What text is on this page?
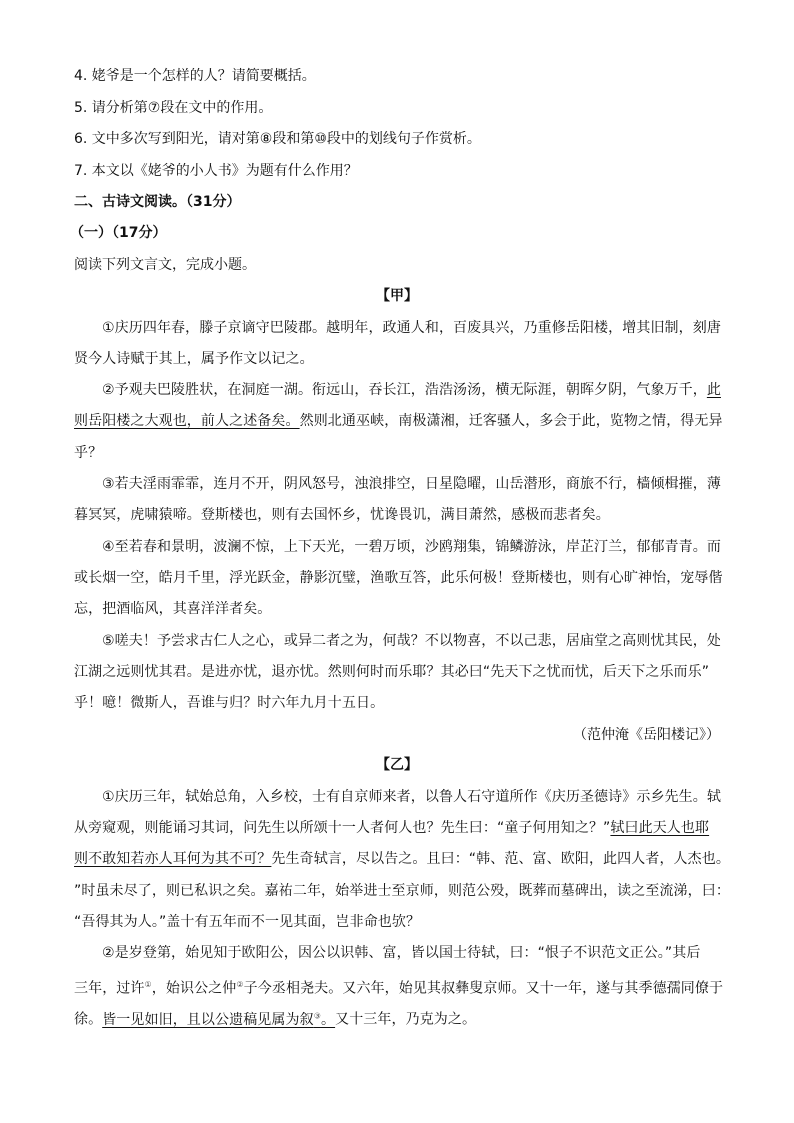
4. 姥爷是一个怎样的人？请简要概括。
5. 请分析第⑦段在文中的作用。
6. 文中多次写到阳光，请对第⑧段和第⑩段中的划线句子作赏析。
7. 本文以《姥爷的小人书》为题有什么作用？
二、古诗文阅读。（31分）
（一）（17分）
阅读下列文言文，完成小题。
【甲】
①庆历四年春，滕子京谪守巴陵郡。越明年，政通人和，百废具兴，乃重修岳阳楼，增其旧制，刻唐
贤今人诗赋于其上，属予作文以记之。
②予观夫巴陵胜状，在洞庭一湖。衔远山，吞长江，浩浩汤汤，横无际涯，朝晖夕阴，气象万千，此
则岳阳楼之大观也，前人之述备矣。然则北通巫峡，南极潇湘，迁客骚人，多会于此，览物之情，得无异
乎？
③若夫淫雨霏霏，连月不开，阴风怒号，浊浪排空，日星隐曜，山岳潜形，商旅不行，樯倾楫摧，薄
暮冥冥，虎啸猿啼。登斯楼也，则有去国怀乡，忧谗畏讥，满目萧然，感极而悲者矣。
④至若春和景明，波澜不惊，上下天光，一碧万顷，沙鸥翔集，锦鳞游泳，岸芷汀兰，郁郁青青。而
或长烟一空，皓月千里，浮光跃金，静影沉璧，渔歌互答，此乐何极！登斯楼也，则有心旷神怡，宠辱偕
忘，把酒临风，其喜洋洋者矣。
⑤嗟夫！予尝求古仁人之心，或异二者之为，何哉？不以物喜，不以己悲，居庙堂之高则忧其民，处
江湖之远则忧其君。是进亦忧，退亦忧。然则何时而乐耶？其必曰“先天下之忧而忧，后天下之乐而乐”
乎！噫！微斯人，吾谁与归？时六年九月十五日。
（范仲淹《岳阳楼记》）
【乙】
①庆历三年，轼始总角，入乡校，士有自京师来者，以鲁人石守道所作《庆历圣德诗》示乡先生。轼
从旁窥观，则能诵习其词，问先生以所颂十一人者何人也？先生曰：“童子何用知之？”轼曰此天人也耶
则不敢知若亦人耳何为其不可？先生奇轼言，尽以告之。且曰：“韩、范、富、欧阳，此四人者，人杰也。
”时虽未尽了，则已私识之矣。嘉祐二年，始举进士至京师，则范公殁，既葬而墓碑出，读之至流涕，曰：
“吾得其为人。”盖十有五年而不一见其面，岂非命也欤？
②是岁登第，始见知于欧阳公，因公以识韩、富，皆以国士待轼，曰：“恨子不识范文正公。”其后
三年，过许①，始识公之仲②子今丞相尧夫。又六年，始见其叔彝叟京师。又十一年，遂与其季德孺同僚于
徐。皆一见如旧，且以公遗稿见属为叙③。又十三年，乃克为之。
